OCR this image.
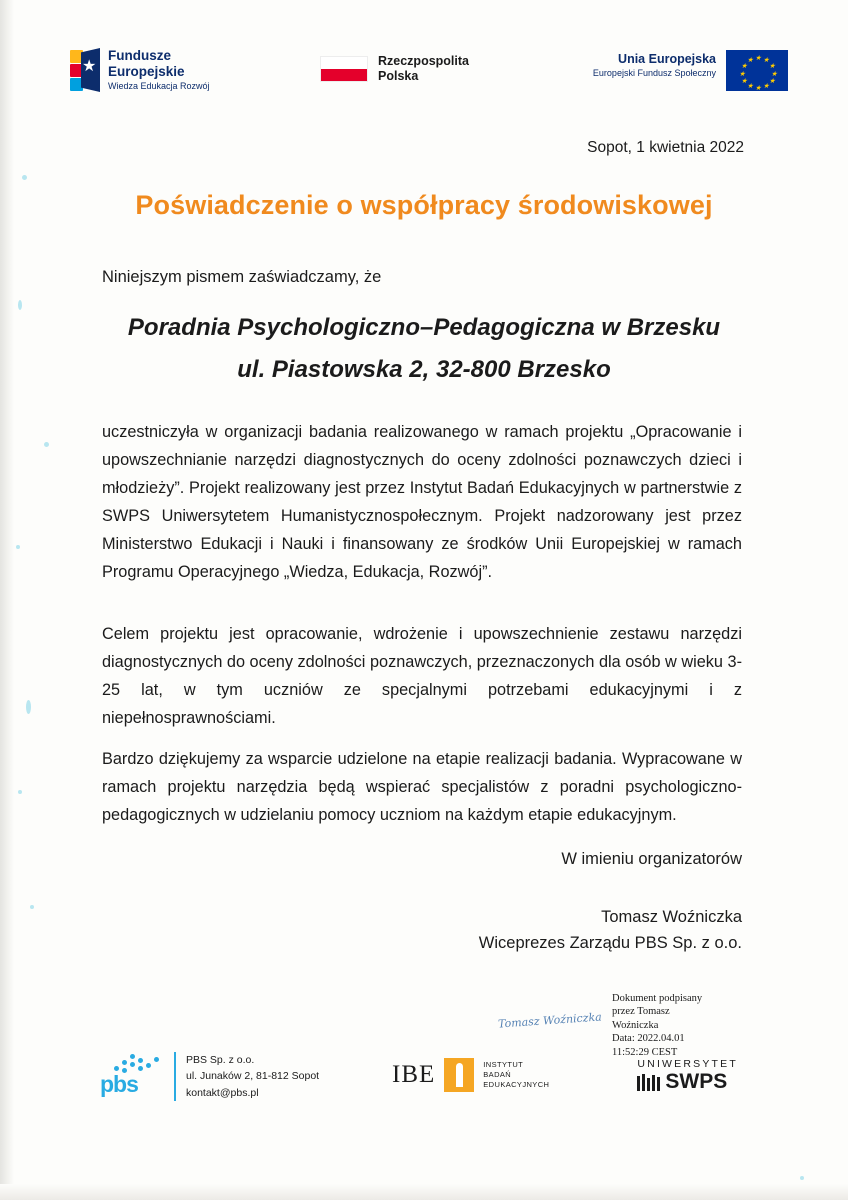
★
Fundusze
Europejskie
Wiedza Edukacja Rozwój
Rzeczpospolita
Polska
Unia Europejska
Europejski Fundusz Społeczny
★ ★
★
★
★
★
★
★
★
★
★
★
Sopot, 1 kwietnia 2022
Poświadczenie o współpracy środowiskowej
Niniejszym pismem zaświadczamy, że
Poradnia Psychologiczno–Pedagogiczna w Brzesku
ul. Piastowska 2, 32-800 Brzesko
uczestniczyła w organizacji badania realizowanego w ramach projektu „Opracowanie i upowszechnianie narzędzi diagnostycznych do oceny zdolności poznawczych dzieci i młodzieży”. Projekt realizowany jest przez Instytut Badań Edukacyjnych w partnerstwie z SWPS Uniwersytetem Humanistycznospołecznym. Projekt nadzorowany jest przez Ministerstwo Edukacji i Nauki i finansowany ze środków Unii Europejskiej w ramach Programu Operacyjnego „Wiedza, Edukacja, Rozwój”.
Celem projektu jest opracowanie, wdrożenie i upowszechnienie zestawu narzędzi diagnostycznych do oceny zdolności poznawczych, przeznaczonych dla osób w wieku 3-25 lat, w tym uczniów ze specjalnymi potrzebami edukacyjnymi i z niepełnosprawnościami.
Bardzo dziękujemy za wsparcie udzielone na etapie realizacji badania. Wypracowane w ramach projektu narzędzia będą wspierać specjalistów z poradni psychologiczno-pedagogicznych w udzielaniu pomocy uczniom na każdym etapie edukacyjnym.
W imieniu organizatorów
Tomasz Woźniczka
Wiceprezes Zarządu PBS Sp. z o.o.
Tomasz Woźniczka
Dokument podpisany
przez Tomasz
Woźniczka
Data: 2022.04.01
11:52:29 CEST
pbs
PBS Sp. z o.o.
ul. Junaków 2, 81-812 Sopot
kontakt@pbs.pl
IBE	INSTYTUT
BADAŃ
EDUKACYJNYCH
UNIWERSYTET
SWPS
